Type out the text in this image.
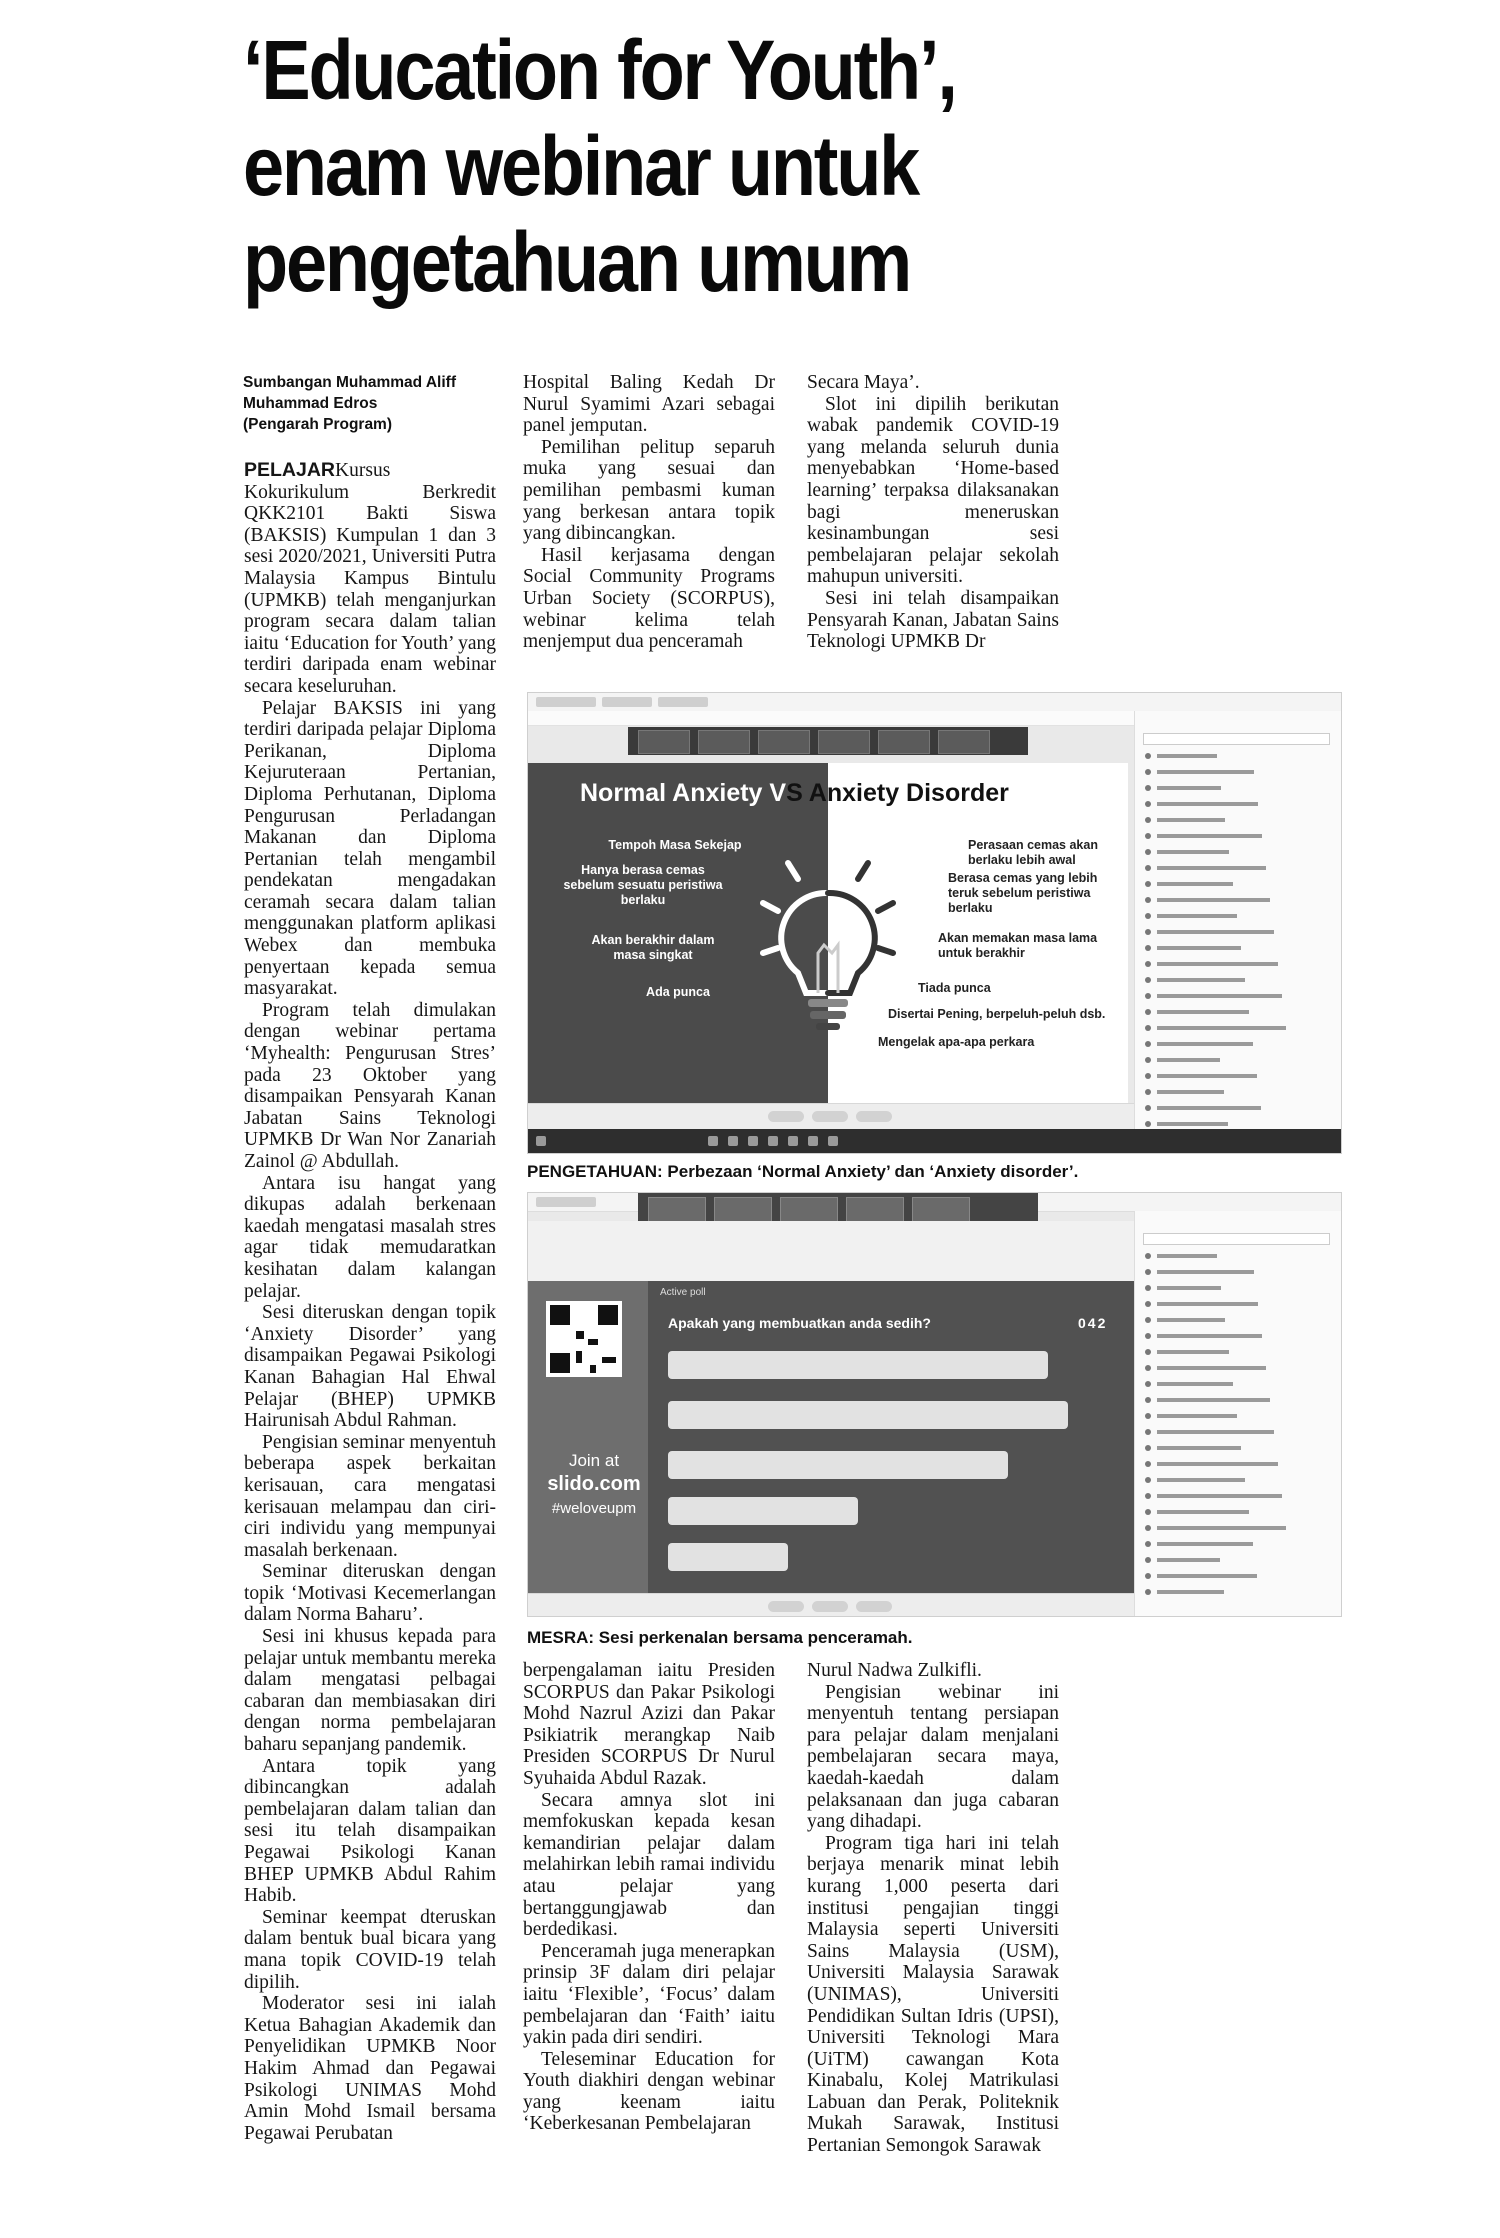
‘Education for Youth’,
enam webinar untuk
pengetahuan umum
Sumbangan Muhammad Aliff
Muhammad Edros
(Pengarah Program)

PELAJARKursus Kokurikulum Berkredit QKK2101 Bakti Siswa (BAKSIS) Kumpulan 1 dan 3 sesi 2020/2021, Universiti Putra Malaysia Kampus Bintulu (UPMKB) telah menganjurkan program secara dalam talian iaitu ‘Education for Youth’ yang terdiri daripada enam webinar secara keseluruhan.

Pelajar BAKSIS ini yang terdiri daripada pelajar Diploma Perikanan, Diploma Kejuruteraan Pertanian, Diploma Perhutanan, Diploma Pengurusan Perladangan Makanan dan Diploma Pertanian telah mengambil pendekatan mengadakan ceramah secara dalam talian menggunakan platform aplikasi Webex dan membuka penyertaan kepada semua masyarakat.

Program telah dimulakan dengan webinar pertama ‘Myhealth: Pengurusan Stres’ pada 23 Oktober yang disampaikan Pensyarah Kanan Jabatan Sains Teknologi UPMKB Dr Wan Nor Zanariah Zainol @ Abdullah.

Antara isu hangat yang dikupas adalah berkenaan kaedah mengatasi masalah stres agar tidak memudaratkan kesihatan dalam kalangan pelajar.

Sesi diteruskan dengan topik ‘Anxiety Disorder’ yang disampaikan Pegawai Psikologi Kanan Bahagian Hal Ehwal Pelajar (BHEP) UPMKB Hairunisah Abdul Rahman.

Pengisian seminar menyentuh beberapa aspek berkaitan kerisauan, cara mengatasi kerisauan melampau dan ciri-ciri individu yang mempunyai masalah berkenaan.

Seminar diteruskan dengan topik ‘Motivasi Kecemerlangan dalam Norma Baharu’.

Sesi ini khusus kepada para pelajar untuk membantu mereka dalam mengatasi pelbagai cabaran dan membiasakan diri dengan norma pembelajaran baharu sepanjang pandemik.

Antara topik yang dibincangkan adalah pembelajaran dalam talian dan sesi itu telah disampaikan Pegawai Psikologi Kanan BHEP UPMKB Abdul Rahim Habib.

Seminar keempat dteruskan dalam bentuk bual bicara yang mana topik COVID-19 telah dipilih.

Moderator sesi ini ialah Ketua Bahagian Akademik dan Penyelidikan UPMKB Noor Hakim Ahmad dan Pegawai Psikologi UNIMAS Mohd Amin Mohd Ismail bersama Pegawai Perubatan

Hospital Baling Kedah Dr Nurul Syamimi Azari sebagai panel jemputan.

Pemilihan pelitup separuh muka yang sesuai dan pemilihan pembasmi kuman yang berkesan antara topik yang dibincangkan.

Hasil kerjasama dengan Social Community Programs Urban Society (SCORPUS), webinar kelima telah menjemput dua penceramah

Secara Maya’.

Slot ini dipilih berikutan wabak pandemik COVID-19 yang melanda seluruh dunia menyebabkan ‘Home-based learning’ terpaksa dilaksanakan bagi meneruskan kesinambungan sesi pembelajaran pelajar sekolah mahupun universiti.

Sesi ini telah disampaikan Pensyarah Kanan, Jabatan Sains Teknologi UPMKB Dr

Normal Anxiety VS Anxiety Disorder
Tempoh Masa Sekejap
Hanya berasa cemas sebelum sesuatu peristiwa berlaku
Akan berakhir dalam masa singkat
Ada punca
Perasaan cemas akan berlaku lebih awal
Berasa cemas yang lebih teruk sebelum peristiwa berlaku
Akan memakan masa lama untuk berakhir
Tiada punca
Disertai Pening, berpeluh-peluh dsb.
Mengelak apa-apa perkara
PENGETAHUAN: Perbezaan ‘Normal Anxiety’ dan ‘Anxiety disorder’.
Join at
slido.com
#weloveupm
Active poll
Apakah yang membuatkan anda sedih?	042
MESRA: Sesi perkenalan bersama penceramah.

berpengalaman iaitu Presiden SCORPUS dan Pakar Psikologi Mohd Nazrul Azizi dan Pakar Psikiatrik merangkap Naib Presiden SCORPUS Dr Nurul Syuhaida Abdul Razak.

Secara amnya slot ini memfokuskan kepada kesan kemandirian pelajar dalam melahirkan lebih ramai individu atau pelajar yang bertanggungjawab dan berdedikasi.

Penceramah juga menerapkan prinsip 3F dalam diri pelajar iaitu ‘Flexible’, ‘Focus’ dalam pembelajaran dan ‘Faith’ iaitu yakin pada diri sendiri.

Teleseminar Education for Youth diakhiri dengan webinar yang keenam iaitu ‘Keberkesanan Pembelajaran

Nurul Nadwa Zulkifli.

Pengisian webinar ini menyentuh tentang persiapan para pelajar dalam menjalani pembelajaran secara maya, kaedah-kaedah dalam pelaksanaan dan juga cabaran yang dihadapi.

Program tiga hari ini telah berjaya menarik minat lebih kurang 1,000 peserta dari institusi pengajian tinggi Malaysia seperti Universiti Sains Malaysia (USM), Universiti Malaysia Sarawak (UNIMAS), Universiti Pendidikan Sultan Idris (UPSI), Universiti Teknologi Mara (UiTM) cawangan Kota Kinabalu, Kolej Matrikulasi Labuan dan Perak, Politeknik Mukah Sarawak, Institusi Pertanian Semongok Sarawak
